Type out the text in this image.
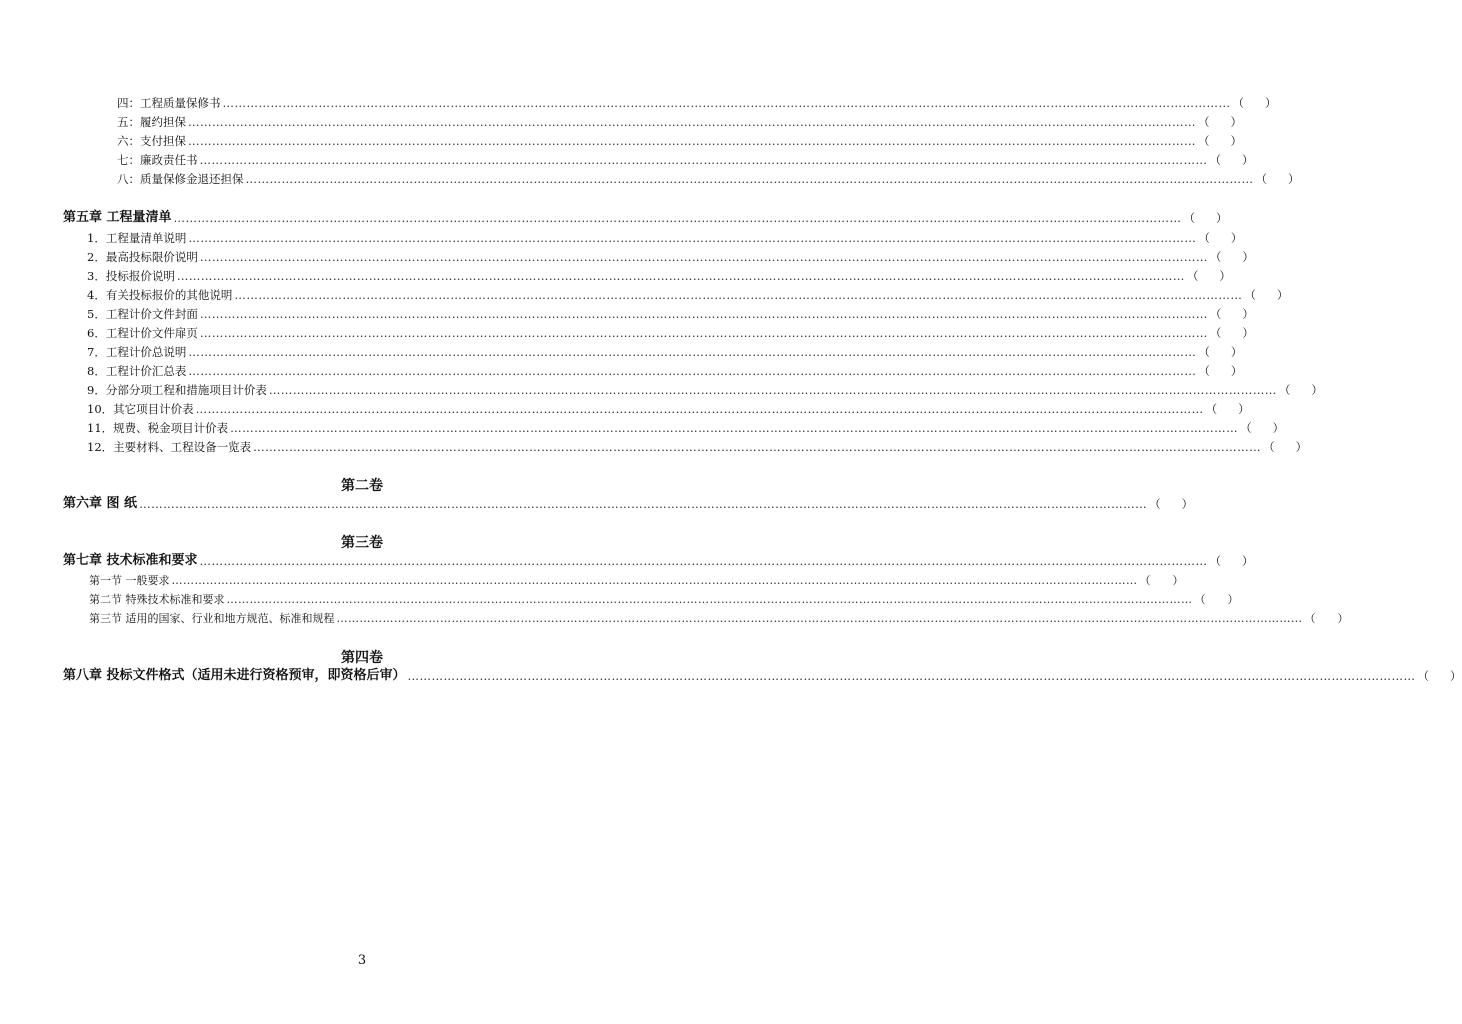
四：工程质量保修书 ……………………………………………………………………………………………………………………………………………………………………………………………………………………………… （ ）
五：履约担保 ……………………………………………………………………………………………………………………………………………………………………………………………………………………………… （ ）
六：支付担保 ……………………………………………………………………………………………………………………………………………………………………………………………………………………………… （ ）
七：廉政责任书 ……………………………………………………………………………………………………………………………………………………………………………………………………………………………… （ ）
八：质量保修金退还担保 ……………………………………………………………………………………………………………………………………………………………………………………………………………………………… （ ）
第五章 工程量清单 ……………………………………………………………………………………………………………………………………………………………………………………………………………………………… （ ）
1．工程量清单说明 ……………………………………………………………………………………………………………………………………………………………………………………………………………………………… （ ）
2．最高投标限价说明 ……………………………………………………………………………………………………………………………………………………………………………………………………………………………… （ ）
3．投标报价说明 ……………………………………………………………………………………………………………………………………………………………………………………………………………………………… （ ）
4．有关投标报价的其他说明 ……………………………………………………………………………………………………………………………………………………………………………………………………………………………… （ ）
5．工程计价文件封面 ……………………………………………………………………………………………………………………………………………………………………………………………………………………………… （ ）
6．工程计价文件扉页 ……………………………………………………………………………………………………………………………………………………………………………………………………………………………… （ ）
7．工程计价总说明 ……………………………………………………………………………………………………………………………………………………………………………………………………………………………… （ ）
8．工程计价汇总表 ……………………………………………………………………………………………………………………………………………………………………………………………………………………………… （ ）
9．分部分项工程和措施项目计价表 ……………………………………………………………………………………………………………………………………………………………………………………………………………………………… （ ）
10．其它项目计价表 ……………………………………………………………………………………………………………………………………………………………………………………………………………………………… （ ）
11．规费、税金项目计价表 ……………………………………………………………………………………………………………………………………………………………………………………………………………………………… （ ）
12．主要材料、工程设备一览表 ……………………………………………………………………………………………………………………………………………………………………………………………………………………………… （ ）
第二卷
第六章 图 纸 ……………………………………………………………………………………………………………………………………………………………………………………………………………………………… （ ）
第三卷
第七章 技术标准和要求 ……………………………………………………………………………………………………………………………………………………………………………………………………………………………… （ ）
第一节 一般要求 ……………………………………………………………………………………………………………………………………………………………………………………………………………………………… （ ）
第二节 特殊技术标准和要求 ……………………………………………………………………………………………………………………………………………………………………………………………………………………………… （ ）
第三节 适用的国家、行业和地方规范、标准和规程 ……………………………………………………………………………………………………………………………………………………………………………………………………………………………… （ ）
第四卷
第八章 投标文件格式（适用未进行资格预审，即资格后审） ……………………………………………………………………………………………………………………………………………………………………………………………………………………………… （ ）
3
